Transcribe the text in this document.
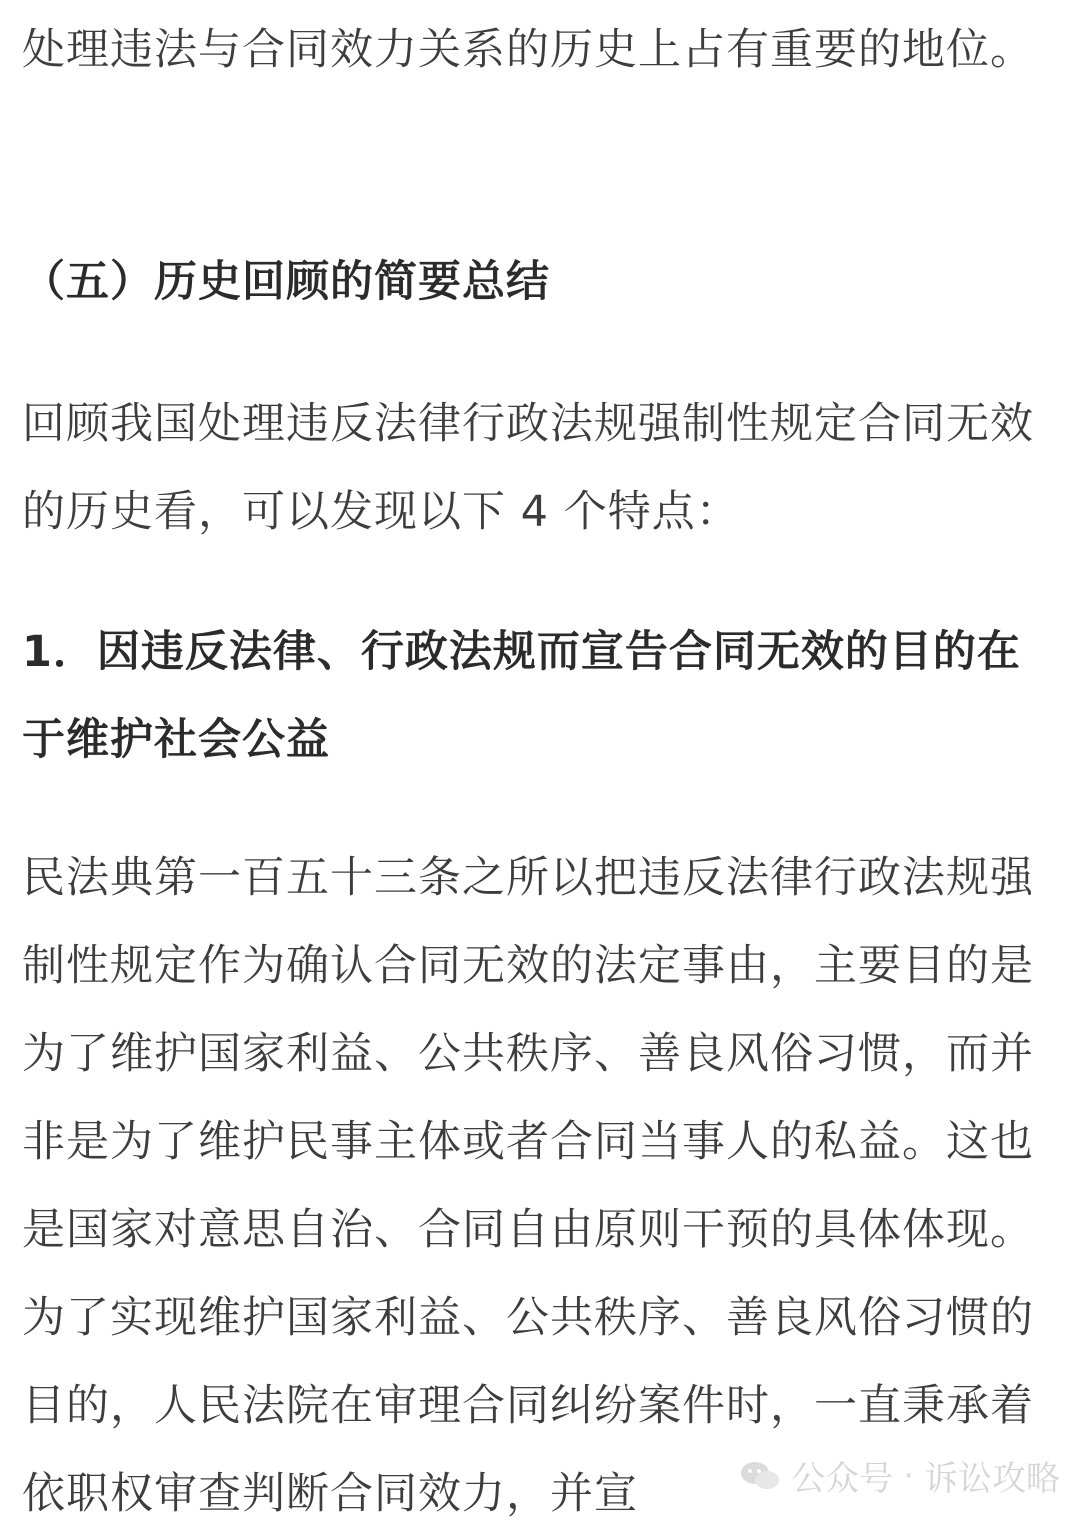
处理违法与合同效力关系的历史上占有重要的地位。

（五）历史回顾的简要总结

回顾我国处理违反法律行政法规强制性规定合同无效的历史看，可以发现以下 4 个特点：

1．因违反法律、行政法规而宣告合同无效的目的在于维护社会公益

民法典第一百五十三条之所以把违反法律行政法规强制性规定作为确认合同无效的法定事由，主要目的是为了维护国家利益、公共秩序、善良风俗习惯，而并非是为了维护民事主体或者合同当事人的私益。这也是国家对意思自治、合同自由原则干预的具体体现。为了实现维护国家利益、公共秩序、善良风俗习惯的目的，人民法院在审理合同纠纷案件时，一直秉承着依职权审查判断合同效力，并宣	公众号 · 诉讼攻略
